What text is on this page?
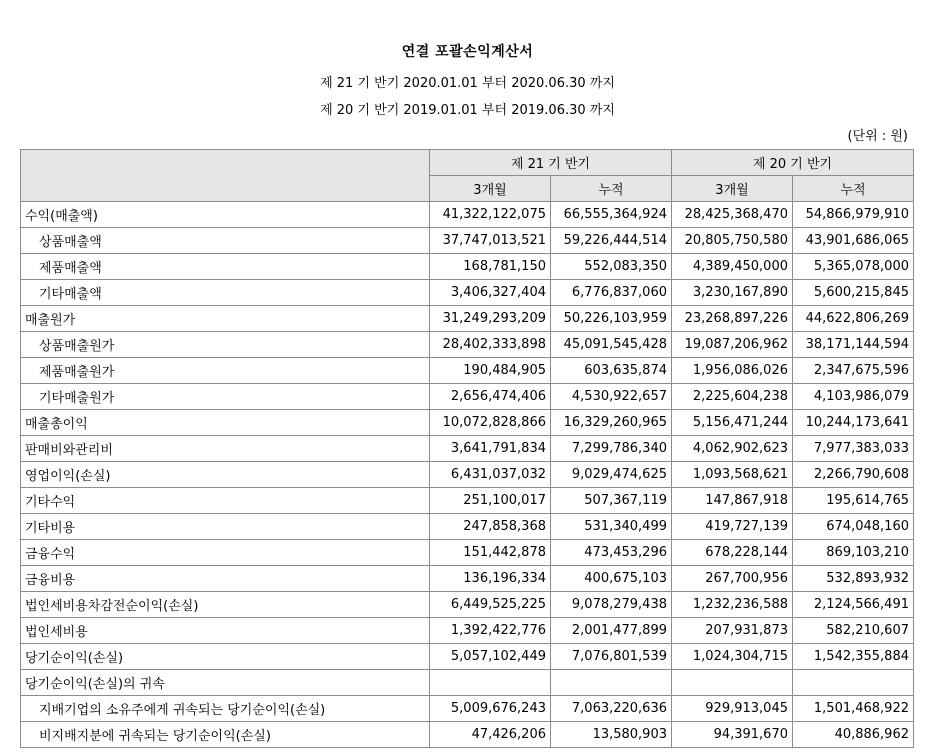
연결 포괄손익계산서
제 21 기 반기 2020.01.01 부터 2020.06.30 까지
제 20 기 반기 2019.01.01 부터 2019.06.30 까지
(단위 : 원)
	제 21 기 반기		제 20 기 반기	
	3개월	누적	3개월	누적
수익(매출액)	41,322,122,075	66,555,364,924	28,425,368,470	54,866,979,910
상품매출액	37,747,013,521	59,226,444,514	20,805,750,580	43,901,686,065
제품매출액	168,781,150	552,083,350	4,389,450,000	5,365,078,000
기타매출액	3,406,327,404	6,776,837,060	3,230,167,890	5,600,215,845
매출원가	31,249,293,209	50,226,103,959	23,268,897,226	44,622,806,269
상품매출원가	28,402,333,898	45,091,545,428	19,087,206,962	38,171,144,594
제품매출원가	190,484,905	603,635,874	1,956,086,026	2,347,675,596
기타매출원가	2,656,474,406	4,530,922,657	2,225,604,238	4,103,986,079
매출총이익	10,072,828,866	16,329,260,965	5,156,471,244	10,244,173,641
판매비와관리비	3,641,791,834	7,299,786,340	4,062,902,623	7,977,383,033
영업이익(손실)	6,431,037,032	9,029,474,625	1,093,568,621	2,266,790,608
기타수익	251,100,017	507,367,119	147,867,918	195,614,765
기타비용	247,858,368	531,340,499	419,727,139	674,048,160
금융수익	151,442,878	473,453,296	678,228,144	869,103,210
금융비용	136,196,334	400,675,103	267,700,956	532,893,932
법인세비용차감전순이익(손실)	6,449,525,225	9,078,279,438	1,232,236,588	2,124,566,491
법인세비용	1,392,422,776	2,001,477,899	207,931,873	582,210,607
당기순이익(손실)	5,057,102,449	7,076,801,539	1,024,304,715	1,542,355,884
당기순이익(손실)의 귀속				
지배기업의 소유주에게 귀속되는 당기순이익(손실)	5,009,676,243	7,063,220,636	929,913,045	1,501,468,922
비지배지분에 귀속되는 당기순이익(손실)	47,426,206	13,580,903	94,391,670	40,886,962
